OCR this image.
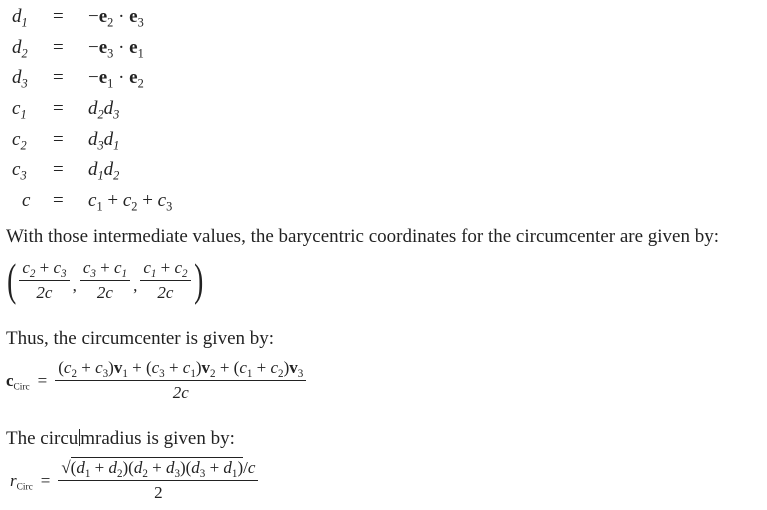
$d_1$	= $-e_2 \cdot e_3$
$d_2$	= $-e_3 \cdot e_1$
$d_3$	= $-e_1 \cdot e_2$
$c_1$	= $d_2d_3$
$c_2$	= $d_3d_1$
$c_3$	= $d_1d_2$
c	= $c_1 + c_2 + c_3$
With those intermediate values, the barycentric coordinates for the circumcenter are given by:
( $\frac{c_2 + c_3}{2c}$ , $\frac{c_3 + c_1}{2c}$ , $\frac{c_1 + c_2}{2c}$ )
Thus, the circumcenter is given by:
$c_{Circ} = \frac{(c_2 + c_3)v_1 + (c_3 + c_1)v_2 + (c_1 + c_2)v_3}{2c}$
The circu mradius is given by:
$r_{Circ} = \frac{√(d_1 + d_2)(d_2 + d_3)(d_3 + d_1)/c}{2}$
